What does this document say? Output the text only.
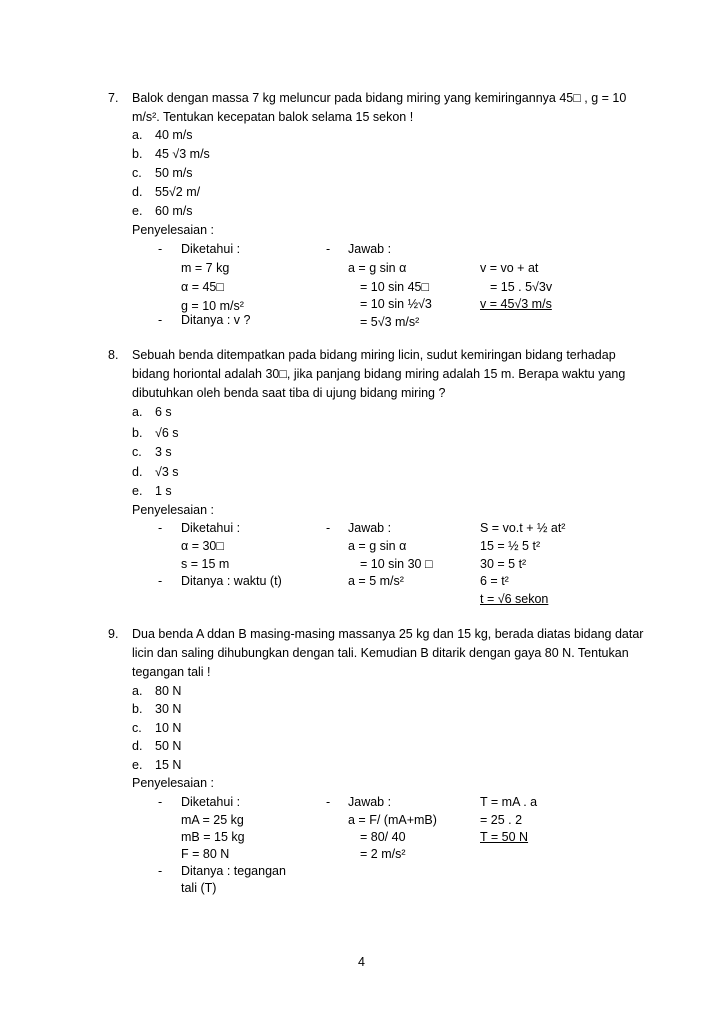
7. Balok dengan massa 7 kg meluncur pada bidang miring yang kemiringannya 45□ , g = 10
m/s². Tentukan kecepatan balok selama 15 sekon !
a. 40 m/s
b. 45 √3 m/s
c. 50 m/s
d. 55√2 m/
e. 60 m/s
Penyelesaian :
- Diketahui :
m = 7 kg
α = 45□
g = 10 m/s²
- Ditanya : v ?
- Jawab :
a = g sin α
= 10 sin 45□
= 10 sin ½√3
= 5√3 m/s²
v = vo + at
= 15 . 5√3v
v = 45√3 m/s
8. Sebuah benda ditempatkan pada bidang miring licin, sudut kemiringan bidang terhadap
bidang horiontal adalah 30□, jika panjang bidang miring adalah 15 m. Berapa waktu yang
dibutuhkan oleh benda saat tiba di ujung bidang miring ?
a. 6 s
b. √6 s
c. 3 s
d. √3 s
e. 1 s
Penyelesaian :
- Diketahui :
α = 30□
s = 15 m
- Ditanya : waktu (t)
- Jawab :
a = g sin α
= 10 sin 30 □
a = 5 m/s²
S = vo.t + ½ at²
15 = ½ 5 t²
30 = 5 t²
6 = t²
t = √6 sekon
9. Dua benda A ddan B masing-masing massanya 25 kg dan 15 kg, berada diatas bidang datar
licin dan saling dihubungkan dengan tali. Kemudian B ditarik dengan gaya 80 N. Tentukan
tegangan tali !
a. 80 N
b. 30 N
c. 10 N
d. 50 N
e. 15 N
Penyelesaian :
- Diketahui :
mA = 25 kg
mB = 15 kg
F = 80 N
- Ditanya : tegangan
tali (T)
- Jawab :
a = F/ (mA+mB)
= 80/ 40
= 2 m/s²
T = mA . a
= 25 . 2
T = 50 N
4
